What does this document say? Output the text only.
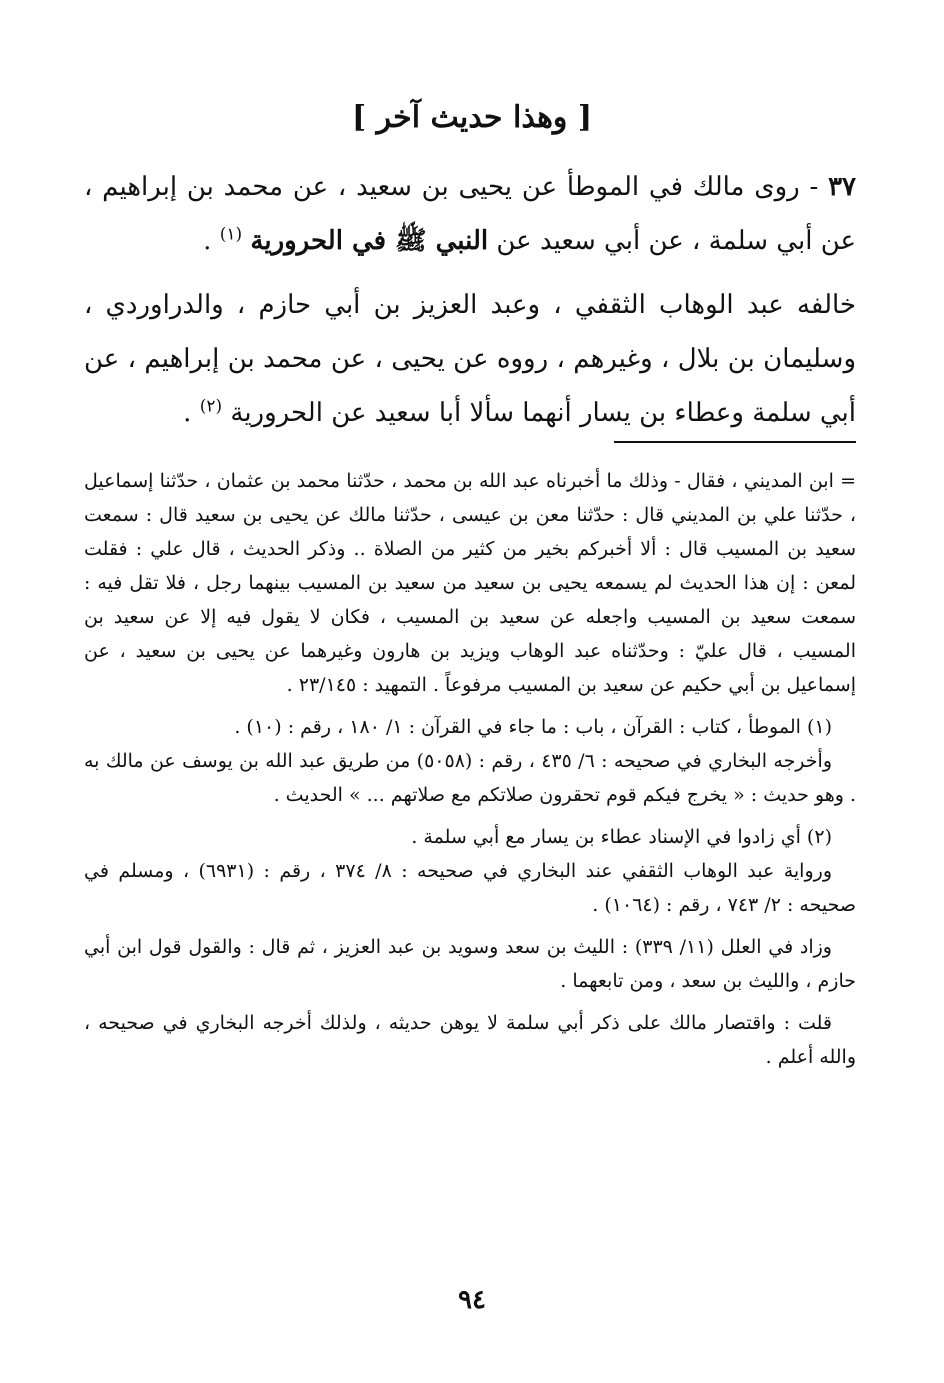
[ وهذا حديث آخر ]

٣٧ - روى مالك في الموطأ عن يحيى بن سعيد ، عن محمد بن إبراهيم ، عن أبي سلمة ، عن أبي سعيد عن النبي ﷺ في الحرورية $^{(١)}$ .

خالفه عبد الوهاب الثقفي ، وعبد العزيز بن أبي حازم ، والدراوردي ، وسليمان بن بلال ، وغيرهم ، رووه عن يحيى ، عن محمد بن إبراهيم ، عن أبي سلمة وعطاء بن يسار أنهما سألا أبا سعيد عن الحرورية $^{(٢)}$ .

= ابن المديني ، فقال - وذلك ما أخبرناه عبد الله بن محمد ، حدّثنا محمد بن عثمان ، حدّثنا إسماعيل ، حدّثنا علي بن المديني قال : حدّثنا معن بن عيسى ، حدّثنا مالك عن يحيى بن سعيد قال : سمعت سعيد بن المسيب قال : ألا أخبركم بخير من كثير من الصلاة .. وذكر الحديث ، قال علي : فقلت لمعن : إن هذا الحديث لم يسمعه يحيى بن سعيد من سعيد بن المسيب بينهما رجل ، فلا تقل فيه : سمعت سعيد بن المسيب واجعله عن سعيد بن المسيب ، فكان لا يقول فيه إلا عن سعيد بن المسيب ، قال عليّ : وحدّثناه عبد الوهاب ويزيد بن هارون وغيرهما عن يحيى بن سعيد ، عن إسماعيل بن أبي حكيم عن سعيد بن المسيب مرفوعاً . التمهيد : ٢٣/١٤٥ .

(١) الموطأ ، كتاب : القرآن ، باب : ما جاء في القرآن : ١/ ١٨٠ ، رقم : (١٠) .

وأخرجه البخاري في صحيحه : ٦/ ٤٣٥ ، رقم : (٥٠٥٨) من طريق عبد الله بن يوسف عن مالك به . وهو حديث : « يخرج فيكم قوم تحقرون صلاتكم مع صلاتهم ... » الحديث .

(٢) أي زادوا في الإسناد عطاء بن يسار مع أبي سلمة .

ورواية عبد الوهاب الثقفي عند البخاري في صحيحه : ٨/ ٣٧٤ ، رقم : (٦٩٣١) ، ومسلم في صحيحه : ٢/ ٧٤٣ ، رقم : (١٠٦٤) .

وزاد في العلل (١١/ ٣٣٩) : الليث بن سعد وسويد بن عبد العزيز ، ثم قال : والقول قول ابن أبي حازم ، والليث بن سعد ، ومن تابعهما .

قلت : واقتصار مالك على ذكر أبي سلمة لا يوهن حديثه ، ولذلك أخرجه البخاري في صحيحه ، والله أعلم .

٩٤
